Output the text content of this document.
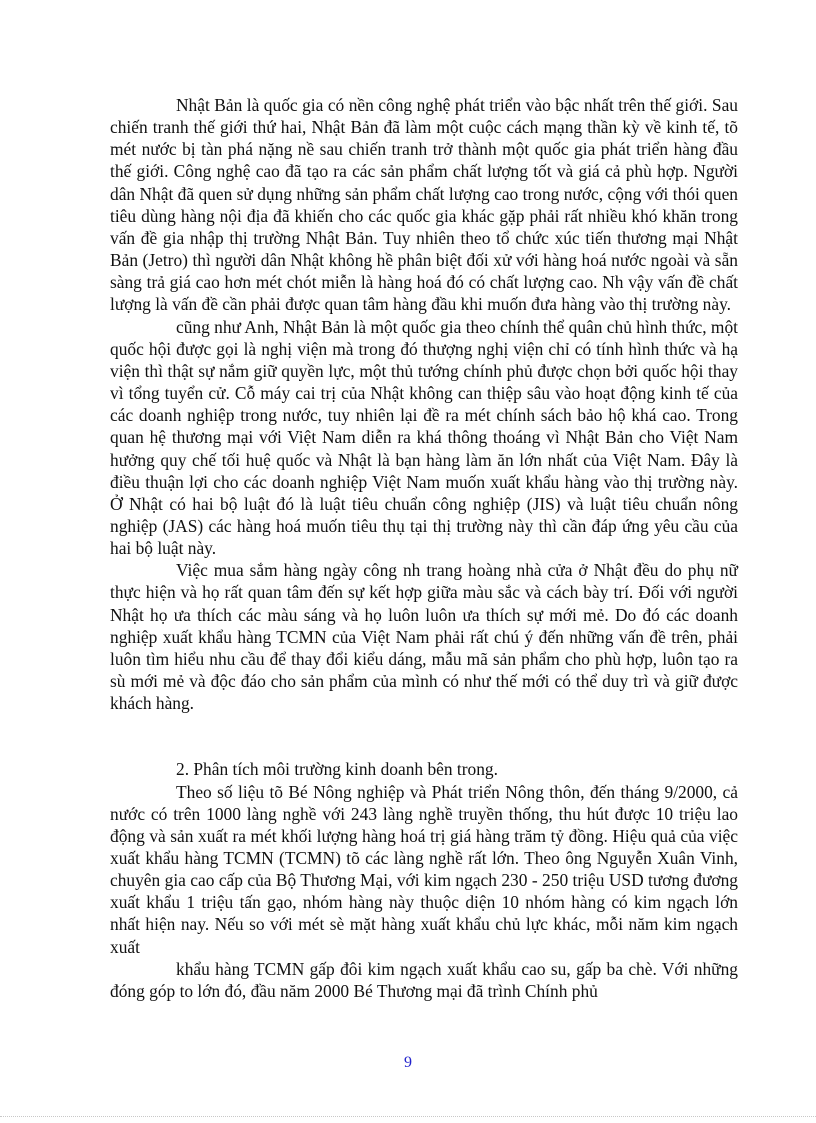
Nhật Bản là quốc gia có nền công nghệ phát triển vào bậc nhất trên thế giới. Sau chiến tranh thế giới thứ hai, Nhật Bản đã làm một cuộc cách mạng thần kỳ về kinh tế, tõ mét nước bị tàn phá nặng nề sau chiến tranh trở thành một quốc gia phát triển hàng đầu thế giới. Công nghệ cao đã tạo ra các sản phẩm chất lượng tốt và giá cả phù hợp. Người dân Nhật đã quen sử dụng những sản phẩm chất lượng cao trong nước, cộng với thói quen tiêu dùng hàng nội địa đã khiến cho các quốc gia khác gặp phải rất nhiều khó khăn trong vấn đề gia nhập thị trường Nhật Bản. Tuy nhiên theo tổ chức xúc tiến thương mại Nhật Bản (Jetro) thì người dân Nhật không hề phân biệt đối xử với hàng hoá nước ngoài và sẵn sàng trả giá cao hơn mét chót miễn là hàng hoá đó có chất lượng cao. Nh vậy vấn đề chất lượng là vấn đề cần phải được quan tâm hàng đầu khi muốn đưa hàng vào thị trường này.

cũng như Anh, Nhật Bản là một quốc gia theo chính thể quân chủ hình thức, một quốc hội được gọi là nghị viện mà trong đó thượng nghị viện chỉ có tính hình thức và hạ viện thì thật sự nắm giữ quyền lực, một thủ tướng chính phủ được chọn bởi quốc hội thay vì tổng tuyển cử. Cỗ máy cai trị của Nhật không can thiệp sâu vào hoạt động kinh tế của các doanh nghiệp trong nước, tuy nhiên lại đề ra mét chính sách bảo hộ khá cao. Trong quan hệ thương mại với Việt Nam diễn ra khá thông thoáng vì Nhật Bản cho Việt Nam hưởng quy chế tối huệ quốc và Nhật là bạn hàng làm ăn lớn nhất của Việt Nam. Đây là điều thuận lợi cho các doanh nghiệp Việt Nam muốn xuất khẩu hàng vào thị trường này. Ở Nhật có hai bộ luật đó là luật tiêu chuẩn công nghiệp (JIS) và luật tiêu chuẩn nông nghiệp (JAS) các hàng hoá muốn tiêu thụ tại thị trường này thì cần đáp ứng yêu cầu của hai bộ luật này.

Việc mua sắm hàng ngày công nh trang hoàng nhà cửa ở Nhật đều do phụ nữ thực hiện và họ rất quan tâm đến sự kết hợp giữa màu sắc và cách bày trí. Đối với người Nhật họ ưa thích các màu sáng và họ luôn luôn ưa thích sự mới mẻ. Do đó các doanh nghiệp xuất khẩu hàng TCMN của Việt Nam phải rất chú ý đến những vấn đề trên, phải luôn tìm hiểu nhu cầu để thay đổi kiểu dáng, mẫu mã sản phẩm cho phù hợp, luôn tạo ra sù mới mẻ và độc đáo cho sản phẩm của mình có như thế mới có thể duy trì và giữ được khách hàng.

2. Phân tích môi trường kinh doanh bên trong.

Theo số liệu tõ Bé Nông nghiệp và Phát triển Nông thôn, đến tháng 9/2000, cả nước có trên 1000 làng nghề với 243 làng nghề truyền thống, thu hút được 10 triệu lao động và sản xuất ra mét khối lượng hàng hoá trị giá hàng trăm tỷ đồng. Hiệu quả của việc xuất khẩu hàng TCMN (TCMN) tõ các làng nghề rất lớn. Theo ông Nguyễn Xuân Vinh, chuyên gia cao cấp của Bộ Thương Mại, với kim ngạch 230 - 250 triệu USD tương đương xuất khẩu 1 triệu tấn gạo, nhóm hàng này thuộc diện 10 nhóm hàng có kim ngạch lớn nhất hiện nay. Nếu so với mét sè mặt hàng xuất khẩu chủ lực khác, mỗi năm kim ngạch xuất

khẩu hàng TCMN gấp đôi kim ngạch xuất khẩu cao su, gấp ba chè. Với những đóng góp to lớn đó, đầu năm 2000 Bé Thương mại đã trình Chính phủ

9
